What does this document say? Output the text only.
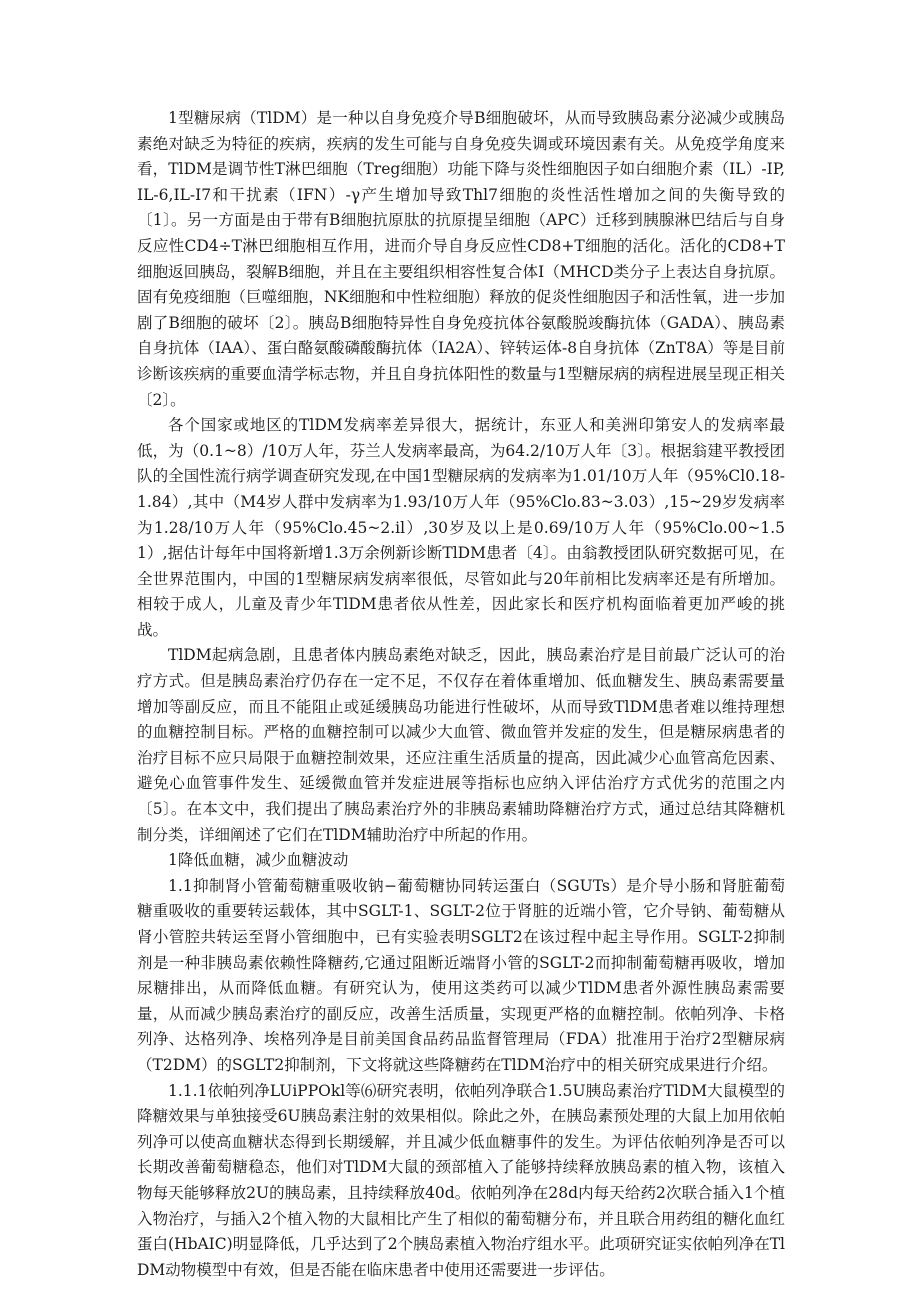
1型糖尿病（TlDM）是一种以自身免疫介导B细胞破坏，从而导致胰岛素分泌减少或胰岛素绝对缺乏为特征的疾病，疾病的发生可能与自身免疫失调或环境因素有关。从免疫学角度来看，TlDM是调节性T淋巴细胞（Treg细胞）功能下降与炎性细胞因子如白细胞介素（IL）-IP,IL-6,IL-I7和干扰素（IFN）-γ产生增加导致Thl7细胞的炎性活性增加之间的失衡导致的〔1〕。另一方面是由于带有B细胞抗原肽的抗原提呈细胞（APC）迁移到胰腺淋巴结后与自身反应性CD4÷T淋巴细胞相互作用，进而介导自身反应性CD8+T细胞的活化。活化的CD8+T细胞返回胰岛，裂解B细胞，并且在主要组织相容性复合体I（MHCD类分子上表达自身抗原。固有免疫细胞（巨噬细胞，NK细胞和中性粒细胞）释放的促炎性细胞因子和活性氧，进一步加剧了B细胞的破坏〔2〕。胰岛B细胞特异性自身免疫抗体谷氨酸脱竣酶抗体（GADA）、胰岛素自身抗体（IAA）、蛋白酪氨酸磷酸酶抗体（IA2A）、锌转运体-8自身抗体（ZnT8A）等是目前诊断该疾病的重要血清学标志物，并且自身抗体阳性的数量与1型糖尿病的病程进展呈现正相关〔2〕。

各个国家或地区的TlDM发病率差异很大，据统计，东亚人和美洲印第安人的发病率最低，为（0.1~8）/10万人年，芬兰人发病率最高，为64.2/10万人年〔3〕。根据翁建平教授团队的全国性流行病学调查研究发现,在中国1型糖尿病的发病率为1.01/10万人年（95%Cl0.18-1.84）,其中（M4岁人群中发病率为1.93/10万人年（95%Clo.83~3.03）,15~29岁发病率为1.28/10万人年（95%Clo.45~2.il）,30岁及以上是0.69/10万人年（95%Clo.00~1.51）,据估计每年中国将新增1.3万余例新诊断TlDM患者〔4〕。由翁教授团队研究数据可见，在全世界范围内，中国的1型糖尿病发病率很低，尽管如此与20年前相比发病率还是有所增加。相较于成人，儿童及青少年TlDM患者依从性差，因此家长和医疗机构面临着更加严峻的挑战。

TlDM起病急剧，且患者体内胰岛素绝对缺乏，因此，胰岛素治疗是目前最广泛认可的治疗方式。但是胰岛素治疗仍存在一定不足，不仅存在着体重增加、低血糖发生、胰岛素需要量增加等副反应，而且不能阻止或延缓胰岛功能进行性破坏，从而导致TlDM患者难以维持理想的血糖控制目标。严格的血糖控制可以减少大血管、微血管并发症的发生，但是糖尿病患者的治疗目标不应只局限于血糖控制效果，还应注重生活质量的提高，因此减少心血管高危因素、避免心血管事件发生、延缓微血管并发症进展等指标也应纳入评估治疗方式优劣的范围之内〔5〕。在本文中，我们提出了胰岛素治疗外的非胰岛素辅助降糖治疗方式，通过总结其降糖机制分类，详细阐述了它们在TlDM辅助治疗中所起的作用。

1降低血糖，减少血糖波动

1.1抑制肾小管葡萄糖重吸收钠−葡萄糖协同转运蛋白（SGUTs）是介导小肠和肾脏葡萄糖重吸收的重要转运载体，其中SGLT-1、SGLT-2位于肾脏的近端小管，它介导钠、葡萄糖从肾小管腔共转运至肾小管细胞中，已有实验表明SGLT2在该过程中起主导作用。SGLT-2抑制剂是一种非胰岛素依赖性降糖药,它通过阻断近端肾小管的SGLT-2而抑制葡萄糖再吸收，增加尿糖排出，从而降低血糖。有研究认为，使用这类药可以减少TlDM患者外源性胰岛素需要量，从而减少胰岛素治疗的副反应，改善生活质量，实现更严格的血糖控制。依帕列净、卡格列净、达格列净、埃格列净是目前美国食品药品监督管理局（FDA）批准用于治疗2型糖尿病（T2DM）的SGLT2抑制剂，下文将就这些降糖药在TlDM治疗中的相关研究成果进行介绍。

1.1.1依帕列净LUiPPOkl等⑹研究表明，依帕列净联合1.5U胰岛素治疗TlDM大鼠模型的降糖效果与单独接受6U胰岛素注射的效果相似。除此之外，在胰岛素预处理的大鼠上加用依帕列净可以使高血糖状态得到长期缓解，并且减少低血糖事件的发生。为评估依帕列净是否可以长期改善葡萄糖稳态，他们对TlDM大鼠的颈部植入了能够持续释放胰岛素的植入物，该植入物每天能够释放2U的胰岛素，且持续释放40d。依帕列净在28d内每天给药2次联合插入1个植入物治疗，与插入2个植入物的大鼠相比产生了相似的葡萄糖分布，并且联合用药组的糖化血红蛋白(HbAIC)明显降低，几乎达到了2个胰岛素植入物治疗组水平。此项研究证实依帕列净在TlDM动物模型中有效，但是否能在临床患者中使用还需要进一步评估。
